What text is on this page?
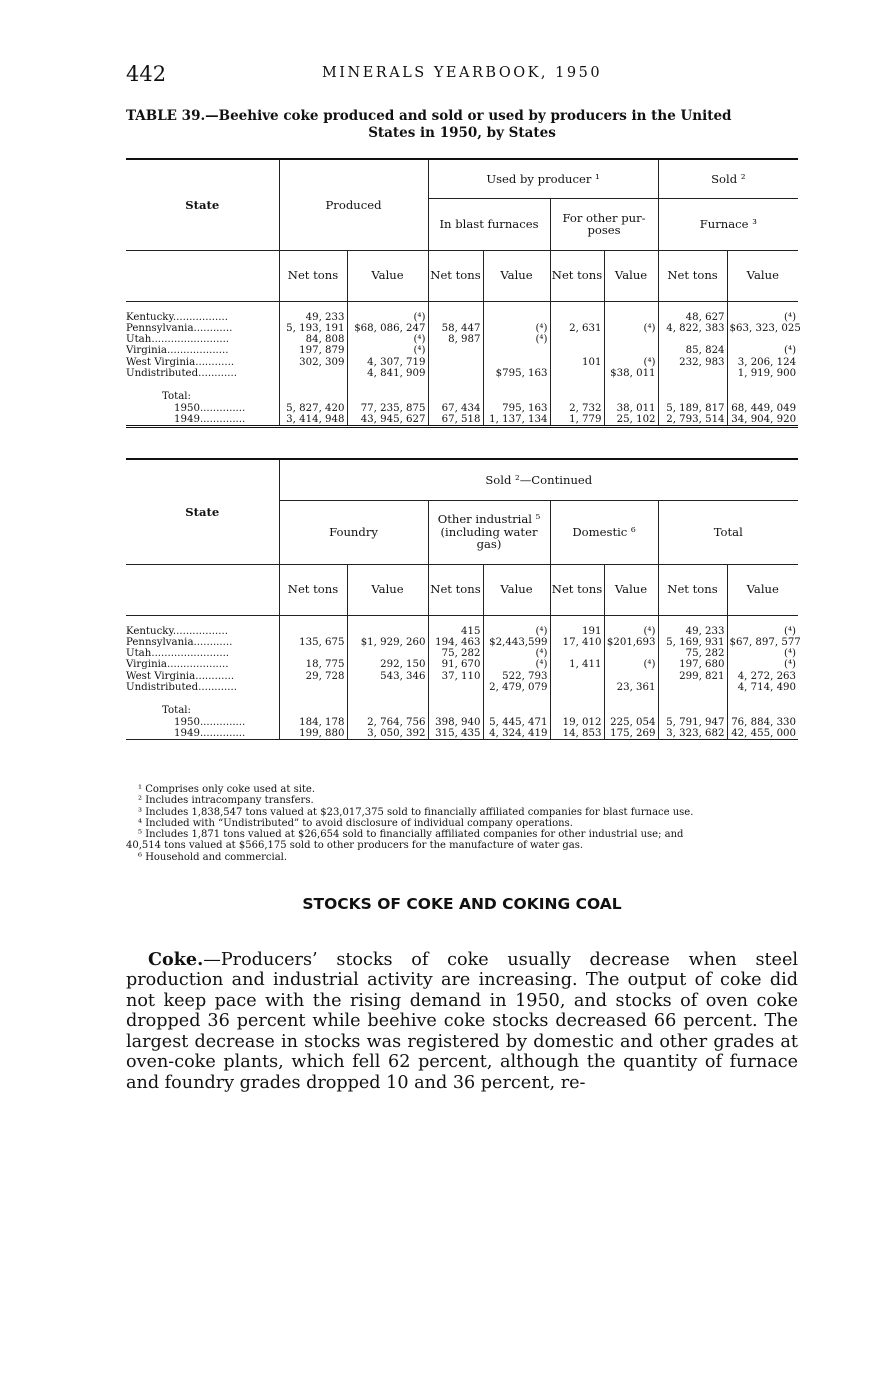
442	MINERALS YEARBOOK, 1950
TABLE 39.—Beehive coke produced and sold or used by producers in the United
States in 1950, by States
State	Produced		Used by producer ¹				Sold ²	
			In blast furnaces		For other pur-poses		Furnace ³	
	Net tons	Value	Net tons	Value	Net tons	Value	Net tons	Value

Kentucky.................	49, 233	(⁴)					48, 627	(⁴)
Pennsylvania............	5, 193, 191	$68, 086, 247	58, 447	(⁴)	2, 631	(⁴)	4, 822, 383	$63, 323, 025
Utah........................	84, 808	(⁴)	8, 987	(⁴)				
Virginia...................	197, 879	(⁴)					85, 824	(⁴)
West Virginia............	302, 309	4, 307, 719			101	(⁴)	232, 983	3, 206, 124
Undistributed............		4, 841, 909		$795, 163		$38, 011		1, 919, 900
Total:								
1950..............	5, 827, 420	77, 235, 875	67, 434	795, 163	2, 732	38, 011	5, 189, 817	68, 449, 049
1949..............	3, 414, 948	43, 945, 627	67, 518	1, 137, 134	1, 779	25, 102	2, 793, 514	34, 904, 920
State	Sold ²—Continued							
	Foundry		Other industrial ⁵ (including water gas)		Domestic ⁶		Total	
	Net tons	Value	Net tons	Value	Net tons	Value	Net tons	Value

Kentucky.................			415	(⁴)	191	(⁴)	49, 233	(⁴)
Pennsylvania............	135, 675	$1, 929, 260	194, 463	$2,443,599	17, 410	$201,693	5, 169, 931	$67, 897, 577
Utah........................			75, 282	(⁴)			75, 282	(⁴)
Virginia...................	18, 775	292, 150	91, 670	(⁴)	1, 411	(⁴)	197, 680	(⁴)
West Virginia............	29, 728	543, 346	37, 110	522, 793			299, 821	4, 272, 263
Undistributed............				2, 479, 079		23, 361		4, 714, 490
Total:								
1950..............	184, 178	2, 764, 756	398, 940	5, 445, 471	19, 012	225, 054	5, 791, 947	76, 884, 330
1949..............	199, 880	3, 050, 392	315, 435	4, 324, 419	14, 853	175, 269	3, 323, 682	42, 455, 000
¹ Comprises only coke used at site.
² Includes intracompany transfers.
³ Includes 1,838,547 tons valued at $23,017,375 sold to financially affiliated companies for blast furnace use.
⁴ Included with “Undistributed” to avoid disclosure of individual company operations.
⁵ Includes 1,871 tons valued at $26,654 sold to financially affiliated companies for other industrial use; and
40,514 tons valued at $566,175 sold to other producers for the manufacture of water gas.
⁶ Household and commercial.
STOCKS OF COKE AND COKING COAL

Coke.—Producers’ stocks of coke usually decrease when steel production and industrial activity are increasing. The output of coke did not keep pace with the rising demand in 1950, and stocks of oven coke dropped 36 percent while beehive coke stocks decreased 66 percent. The largest decrease in stocks was registered by domestic and other grades at oven-coke plants, which fell 62 percent, although the quantity of furnace and foundry grades dropped 10 and 36 percent, re-
